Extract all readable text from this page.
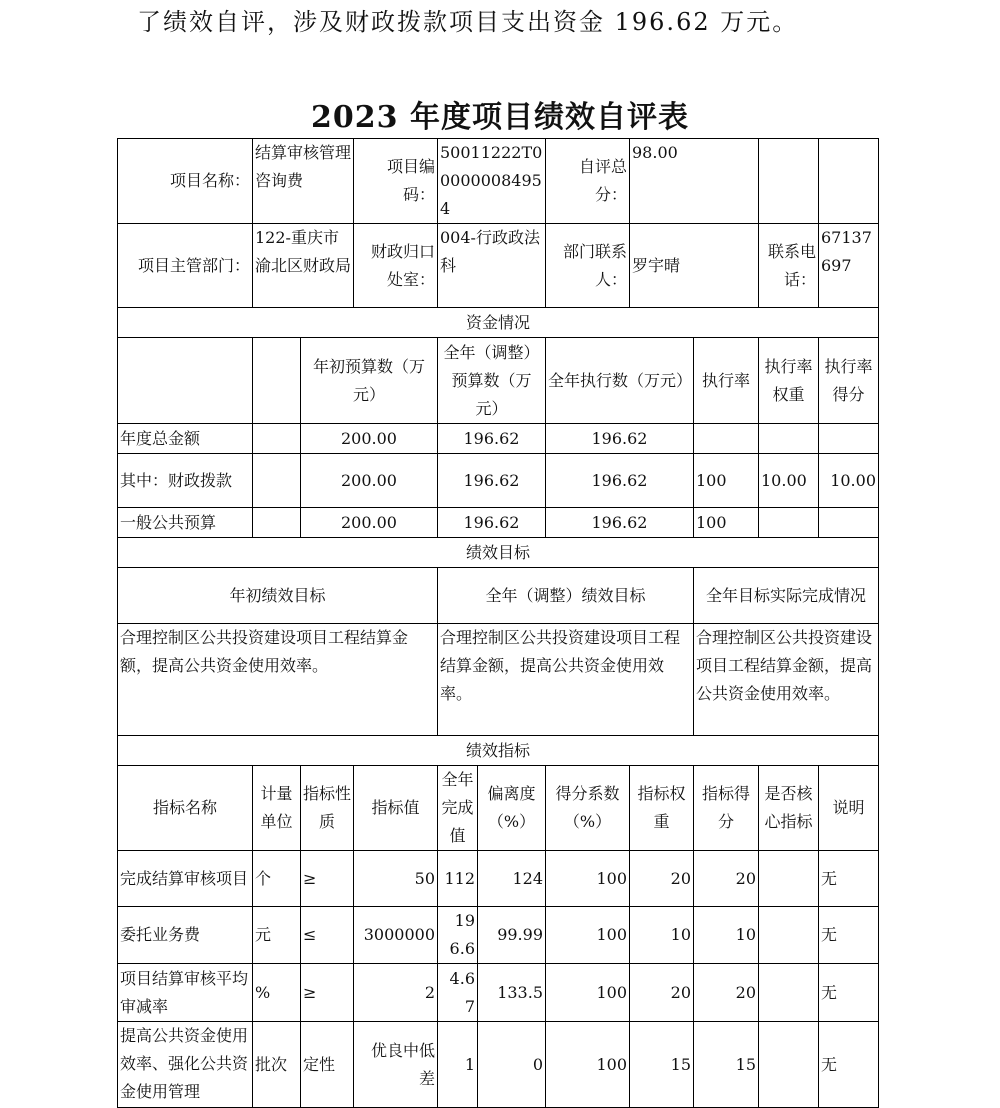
了绩效自评，涉及财政拨款项目支出资金 196.62 万元。
2023 年度项目绩效自评表
项目名称：	结算审核管理咨询费		项目编码：	50011222T000000084954		自评总分：	98.00			
项目主管部门：	122-重庆市渝北区财政局		财政归口处室：	004-行政政法科		部门联系人：	罗宇晴		联系电话：	67137697
资金情况										
		年初预算数（万元）		全年（调整）预算数（万元）		全年执行数（万元）		执行率	执行率权重	执行率得分
年度总金额		200.00		196.62		196.62				
其中：财政拨款		200.00		196.62		196.62		100	10.00	10.00
一般公共预算		200.00		196.62		196.62		100		
绩效目标										
年初绩效目标				全年（调整）绩效目标				全年目标实际完成情况		
合理控制区公共投资建设项目工程结算金额，提高公共资金使用效率。				合理控制区公共投资建设项目工程结算金额，提高公共资金使用效率。				合理控制区公共投资建设项目工程结算金额，提高公共资金使用效率。		
绩效指标										
指标名称	计量单位	指标性质	指标值	全年完成值	偏离度（%）	得分系数（%）	指标权重	指标得分	是否核心指标	说明
完成结算审核项目	个	≥	50	112	124	100	20	20		无
委托业务费	元	≤	3000000	196.6	99.99	100	10	10		无
项目结算审核平均审减率	%	≥	2	4.67	133.5	100	20	20		无
提高公共资金使用效率、强化公共资金使用管理	批次	定性	优良中低差	1	0	100	15	15		无
